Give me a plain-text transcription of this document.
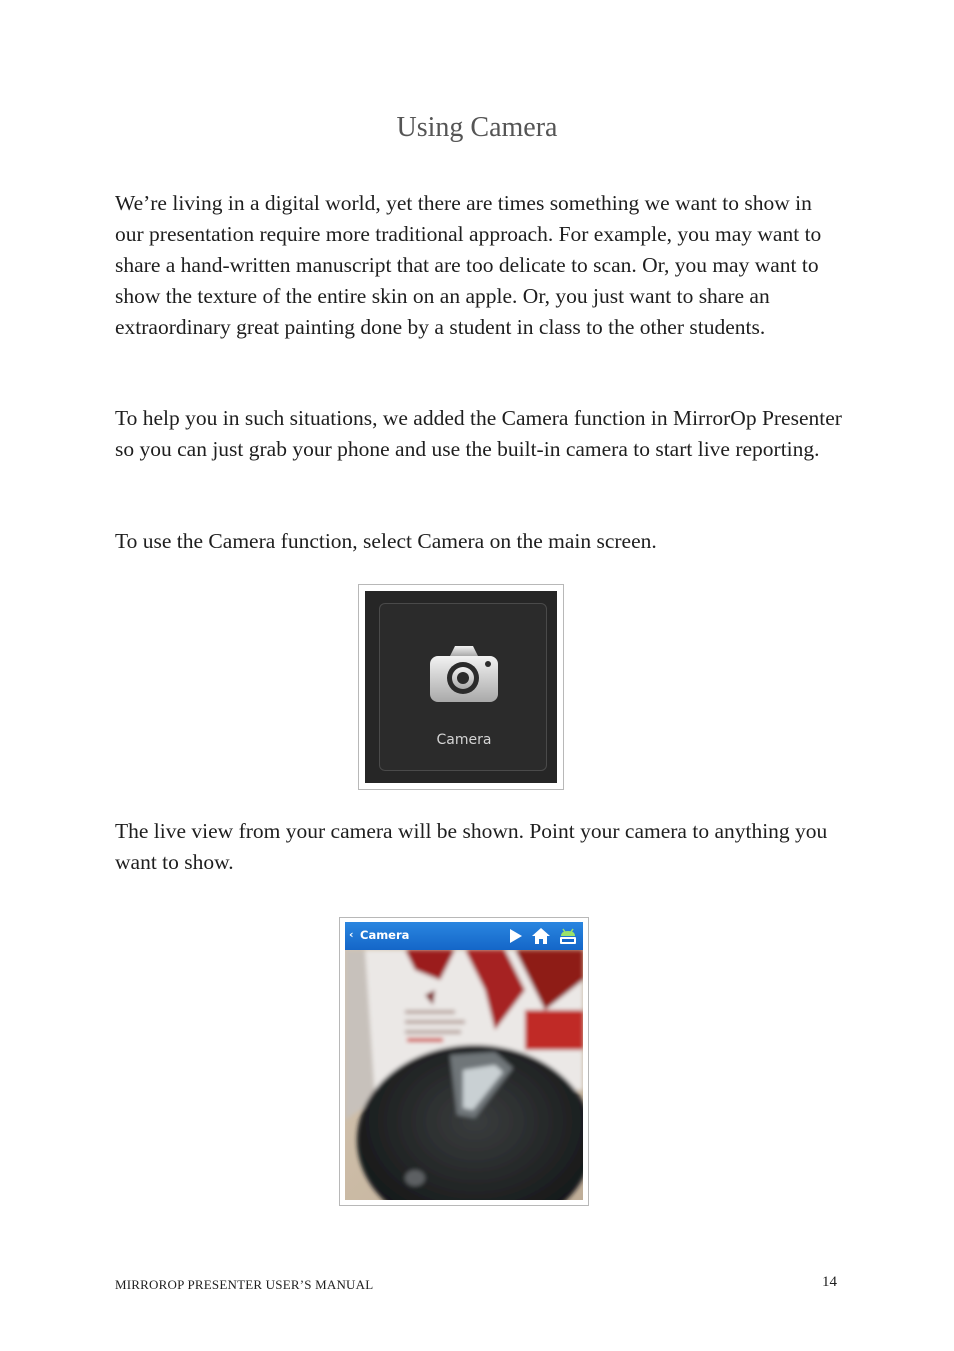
Using Camera

We’re living in a digital world, yet there are times something we want to show in our presentation require more traditional approach. For example, you may want to share a hand-written manuscript that are too delicate to scan. Or, you may want to show the texture of the entire skin on an apple. Or, you just want to share an extraordinary great painting done by a student in class to the other students.

To help you in such situations, we added the Camera function in MirrorOp Presenter so you can just grab your phone and use the built-in camera to start live reporting.

To use the Camera function, select Camera on the main screen.

Camera

The live view from your camera will be shown. Point your camera to anything you want to show.

‹ Camera
MIRROROP PRESENTER USER’S MANUAL	14
